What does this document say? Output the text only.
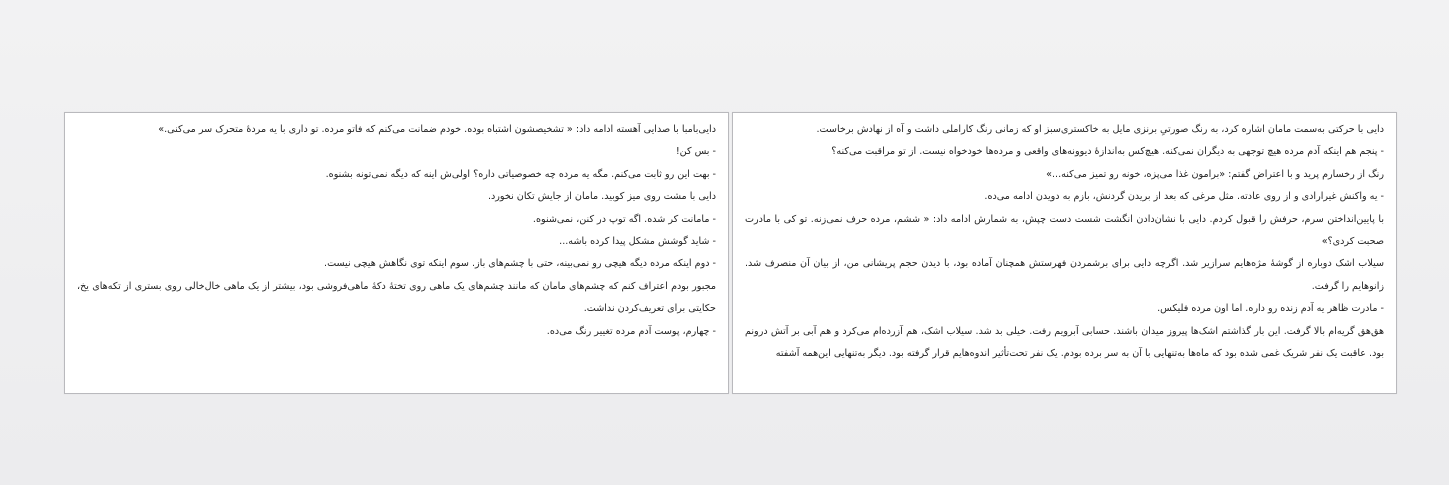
دایی‌بامبا با صدایی آهسته ادامه داد: « تشخیصشون اشتباه بوده. خودم ضمانت می‌کنم که فاتو مرده. تو داری با یه مردهٔ متحرک سر می‌کنی.»

- بس کن!

- بهت این رو ثابت می‌کنم. مگه یه مرده چه خصوصیاتی داره؟ اولی‌ش اینه که دیگه نمی‌تونه بشنوه.

دایی با مشت روی میز کوبید. مامان از جایش تکان نخورد.

- مامانت کر شده. اگه توپ در کنن، نمی‌شنوه.

- شاید گوشش مشکل پیدا کرده باشه...

- دوم اینکه مرده دیگه هیچی رو نمی‌بینه، حتی با چشم‌های باز. سوم اینکه توی نگاهش هیچی نیست.

مجبور بودم اعتراف کنم که چشم‌های مامان که مانند چشم‌های یک ماهی روی تختهٔ دکهٔ ماهی‌فروشی بود، بیشتر از یک ماهی خال‌خالی روی بستری از تکه‌های یخ، حکایتی برای تعریف‌کردن نداشت.

- چهارم، پوست آدم مرده تغییر رنگ می‌ده.

دایی با حرکتی به‌سمت مامان اشاره کرد، به رنگ صورتیِ برنزی مایل به خاکستری‌سبز او که زمانی رنگ کاراملی داشت و آه از نهادش برخاست.

- پنجم هم اینکه آدم مرده هیچ توجهی به دیگران نمی‌کنه. هیچ‌کس به‌اندازهٔ دیوونه‌های واقعی و مرده‌ها خودخواه نیست. از تو مراقبت می‌کنه؟

رنگ از رخسارم پرید و با اعتراض گفتم: «برامون غذا می‌پزه، خونه رو تمیز می‌کنه...»

- یه واکنش غیرارادی و از روی عادته. مثل مرغی که بعد از بریدن گردنش، بازم به دویدن ادامه می‌ده.

با پایین‌انداختن سرم، حرفش را قبول کردم. دایی با نشان‌دادن انگشت شست دست چپش، به شمارش ادامه داد: « ششم، مرده حرف نمی‌زنه. تو کی با مادرت صحبت کردی؟»

سیلاب اشک دوباره از گوشهٔ مژه‌هایم سرازیر شد. اگرچه دایی برای برشمردن فهرستش همچنان آماده بود، با دیدن حجم پریشانی من، از بیان آن منصرف شد. زانوهایم را گرفت.

- مادرت ظاهر یه آدم زنده رو داره. اما اون مرده فلیکس.

هق‌هق گریه‌ام بالا گرفت. این بار گذاشتم اشک‌ها پیروز میدان باشند. حسابی آبرویم رفت. خیلی بد شد. سیلاب اشک، هم آزرده‌ام می‌کرد و هم آبی بر آتش درونم بود. عاقبت یک نفر شریک غمی شده بود که ماه‌ها به‌تنهایی با آن به سر برده بودم. یک نفر تحت‌تأثیر اندوه‌هایم قرار گرفته بود. دیگر به‌تنهایی این‌همه آشفته
